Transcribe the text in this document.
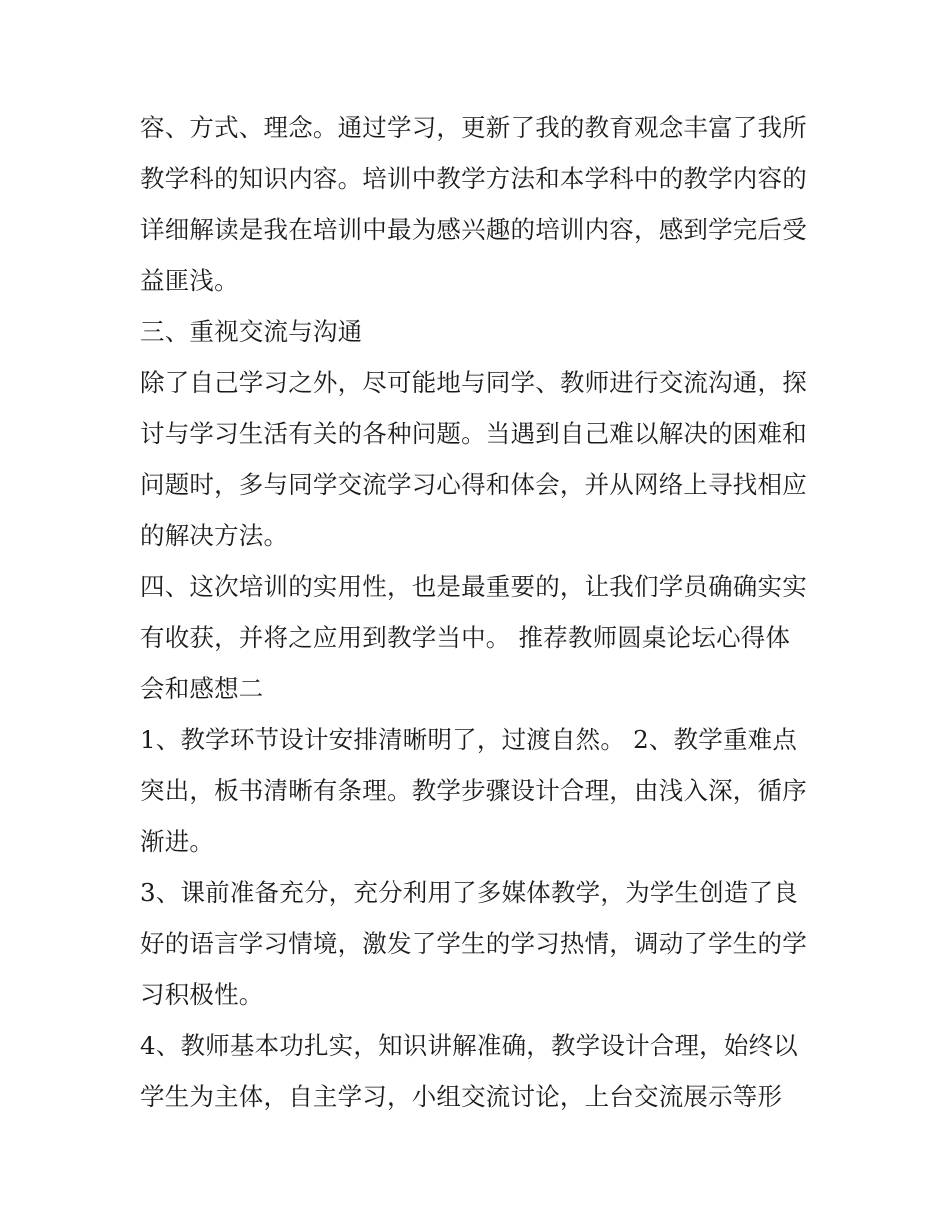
容、方式、理念。通过学习，更新了我的教育观念丰富了我所
教学科的知识内容。培训中教学方法和本学科中的教学内容的
详细解读是我在培训中最为感兴趣的培训内容，感到学完后受
益匪浅。
三、重视交流与沟通
除了自己学习之外，尽可能地与同学、教师进行交流沟通，探
讨与学习生活有关的各种问题。当遇到自己难以解决的困难和
问题时，多与同学交流学习心得和体会，并从网络上寻找相应
的解决方法。
四、这次培训的实用性，也是最重要的，让我们学员确确实实
有收获，并将之应用到教学当中。 推荐教师圆桌论坛心得体
会和感想二
1、教学环节设计安排清晰明了，过渡自然。 2、教学重难点
突出，板书清晰有条理。教学步骤设计合理，由浅入深，循序
渐进。
3、课前准备充分，充分利用了多媒体教学，为学生创造了良
好的语言学习情境，激发了学生的学习热情，调动了学生的学
习积极性。
4、教师基本功扎实，知识讲解准确，教学设计合理，始终以
学生为主体，自主学习，小组交流讨论，上台交流展示等形
